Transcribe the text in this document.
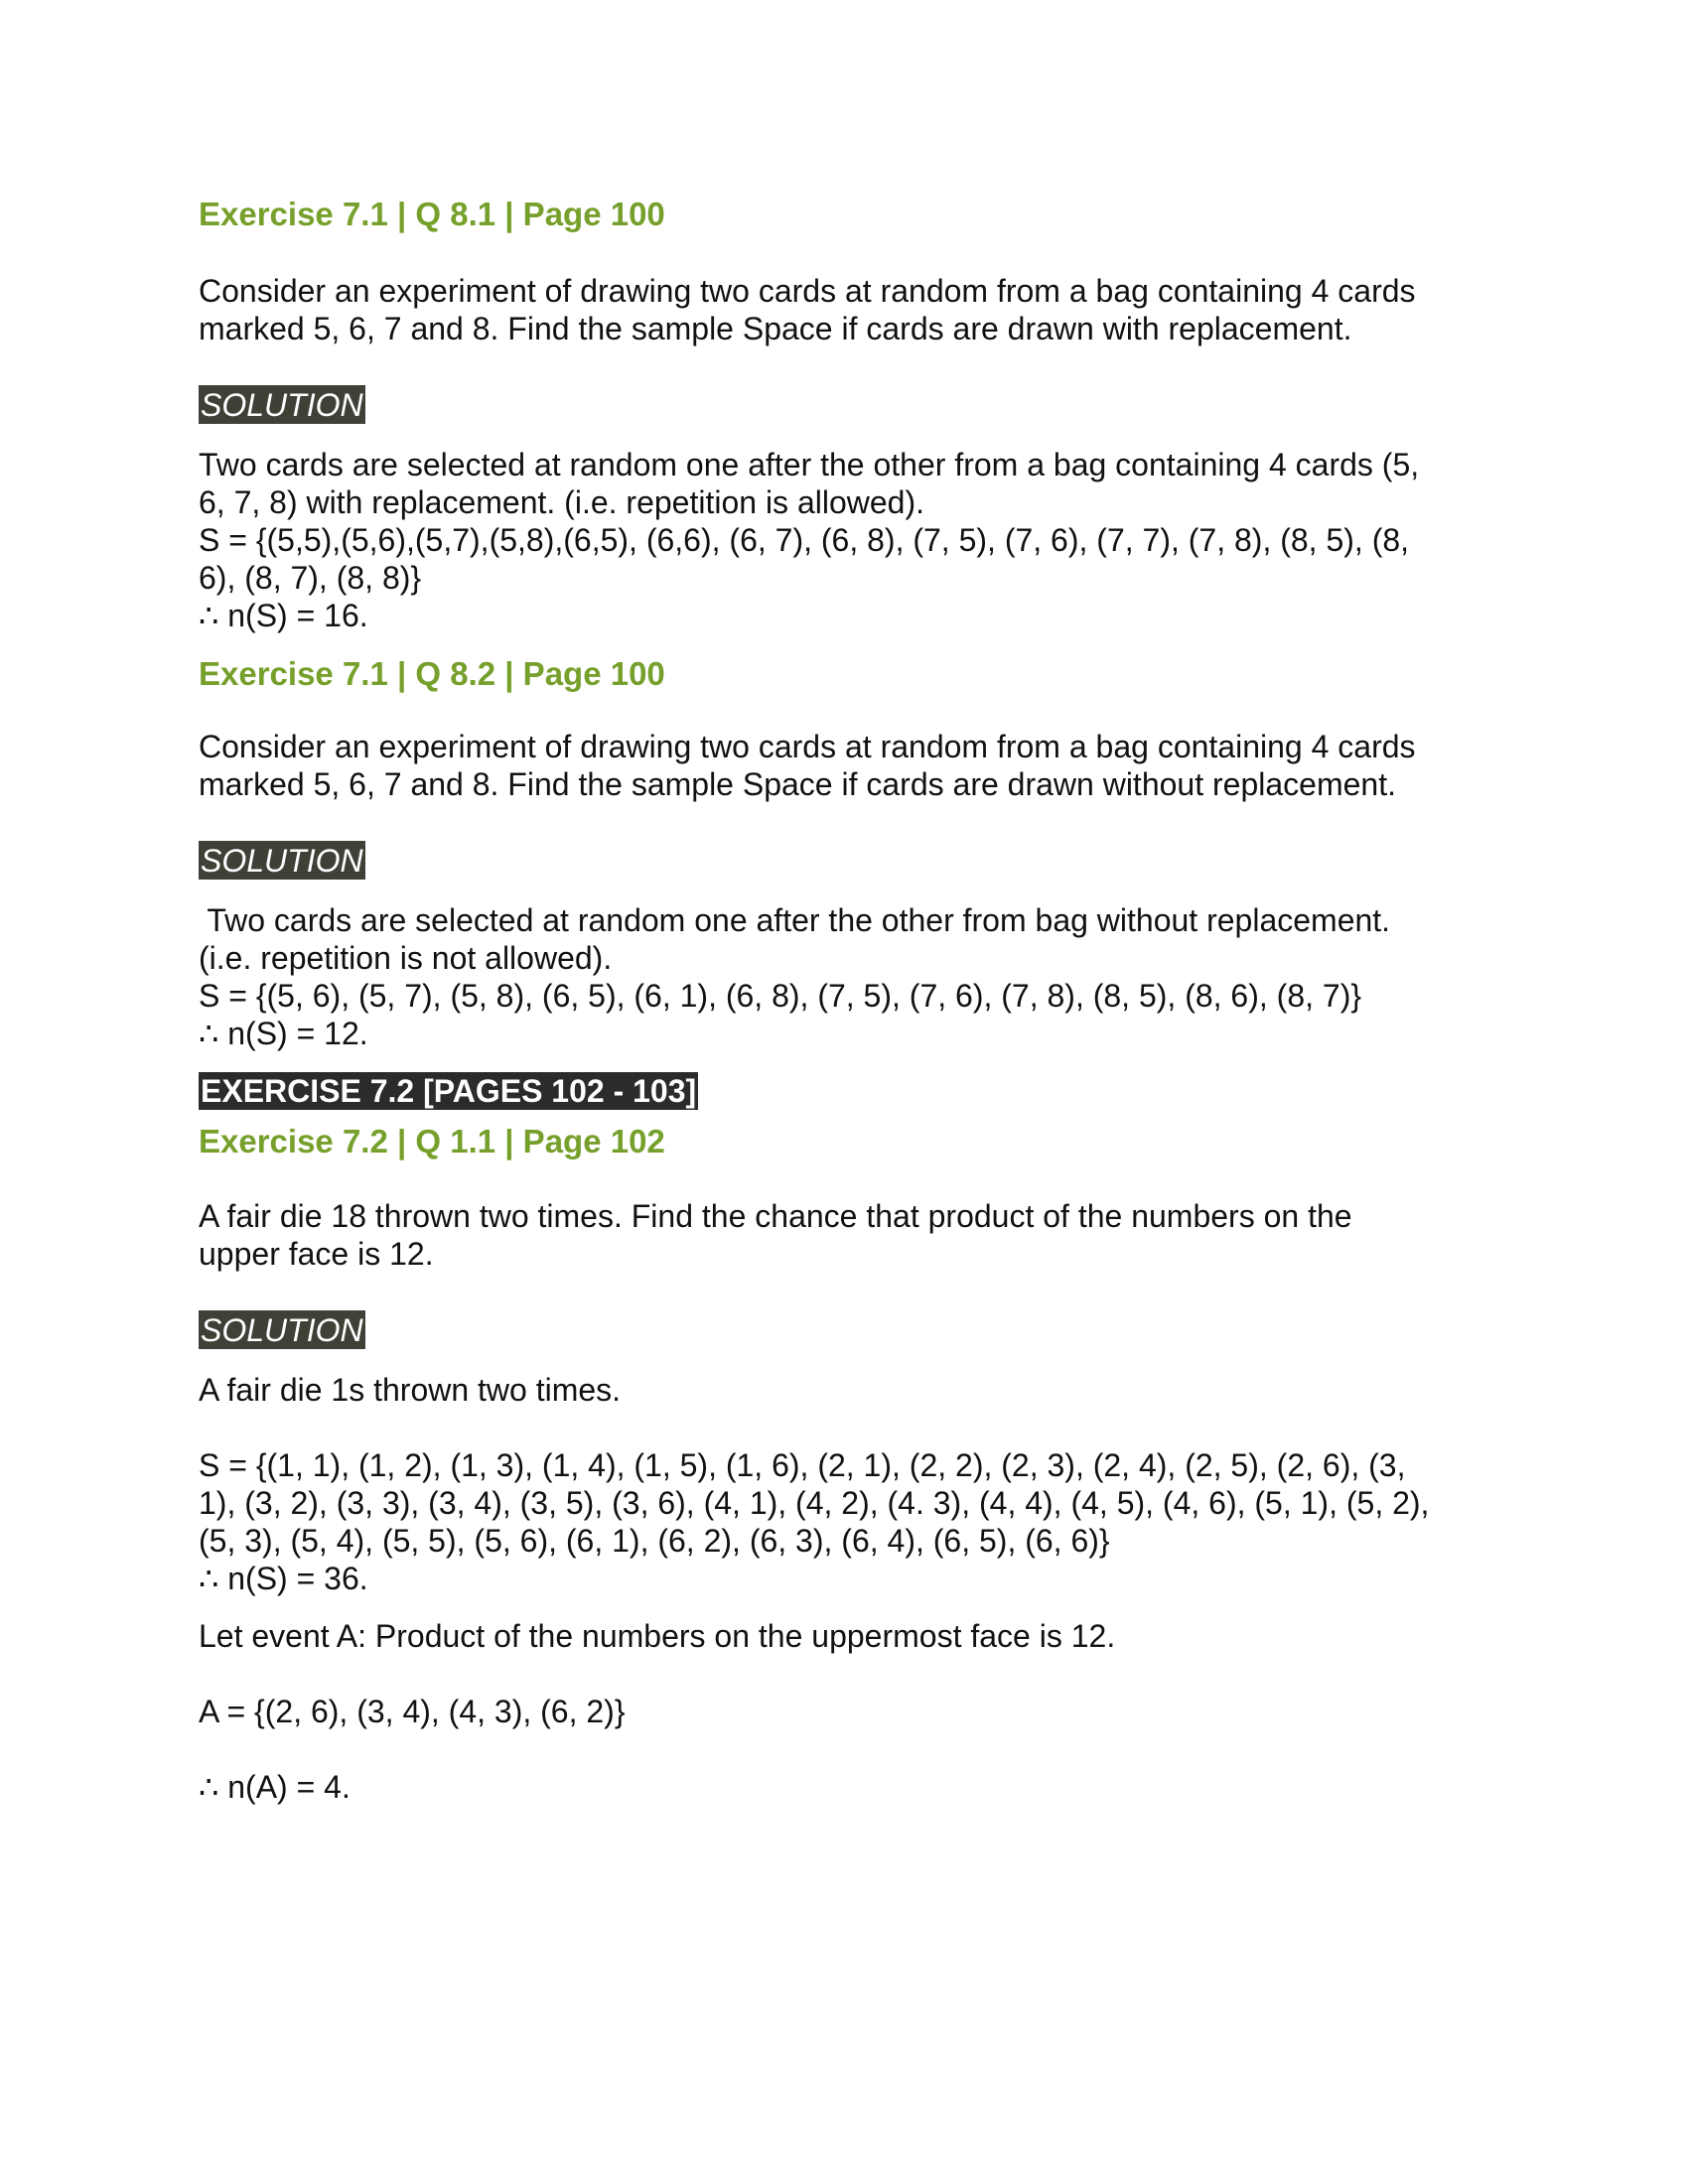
Exercise 7.1 | Q 8.1 | Page 100
Consider an experiment of drawing two cards at random from a bag containing 4 cards
marked 5, 6, 7 and 8. Find the sample Space if cards are drawn with replacement.
SOLUTION
Two cards are selected at random one after the other from a bag containing 4 cards (5,
6, 7, 8) with replacement. (i.e. repetition is allowed).
S = {(5,5),(5,6),(5,7),(5,8),(6,5), (6,6), (6, 7), (6, 8), (7, 5), (7, 6), (7, 7), (7, 8), (8, 5), (8,
6), (8, 7), (8, 8)}
∴ n(S) = 16.
Exercise 7.1 | Q 8.2 | Page 100
Consider an experiment of drawing two cards at random from a bag containing 4 cards
marked 5, 6, 7 and 8. Find the sample Space if cards are drawn without replacement.
SOLUTION
Two cards are selected at random one after the other from bag without replacement.
(i.e. repetition is not allowed).
S = {(5, 6), (5, 7), (5, 8), (6, 5), (6, 1), (6, 8), (7, 5), (7, 6), (7, 8), (8, 5), (8, 6), (8, 7)}
∴ n(S) = 12.
EXERCISE 7.2 [PAGES 102 - 103]
Exercise 7.2 | Q 1.1 | Page 102
A fair die 18 thrown two times. Find the chance that product of the numbers on the
upper face is 12.
SOLUTION
A fair die 1s thrown two times.
S = {(1, 1), (1, 2), (1, 3), (1, 4), (1, 5), (1, 6), (2, 1), (2, 2), (2, 3), (2, 4), (2, 5), (2, 6), (3,
1), (3, 2), (3, 3), (3, 4), (3, 5), (3, 6), (4, 1), (4, 2), (4. 3), (4, 4), (4, 5), (4, 6), (5, 1), (5, 2),
(5, 3), (5, 4), (5, 5), (5, 6), (6, 1), (6, 2), (6, 3), (6, 4), (6, 5), (6, 6)}
∴ n(S) = 36.
Let event A: Product of the numbers on the uppermost face is 12.
A = {(2, 6), (3, 4), (4, 3), (6, 2)}
∴ n(A) = 4.
